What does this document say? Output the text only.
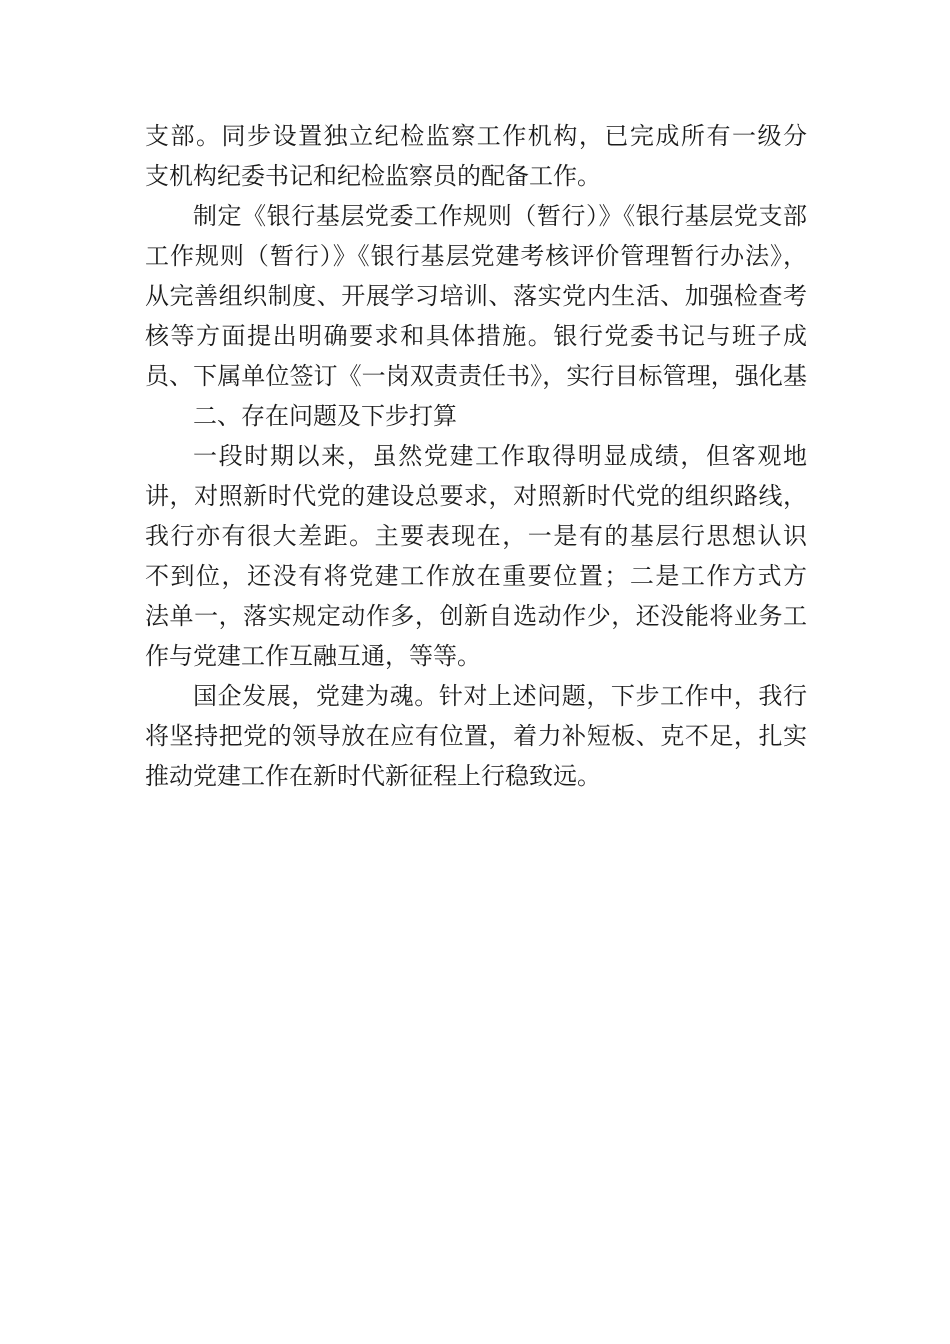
支部。同步设置独立纪检监察工作机构，已完成所有一级分
支机构纪委书记和纪检监察员的配备工作。
制定《银行基层党委工作规则（暂行）》《银行基层党支部
工作规则（暂行）》《银行基层党建考核评价管理暂行办法》，
从完善组织制度、开展学习培训、落实党内生活、加强检查考
核等方面提出明确要求和具体措施。银行党委书记与班子成
员、下属单位签订《一岗双责责任书》，实行目标管理，强化基
二、存在问题及下步打算
一段时期以来，虽然党建工作取得明显成绩，但客观地
讲，对照新时代党的建设总要求，对照新时代党的组织路线，
我行亦有很大差距。主要表现在，一是有的基层行思想认识
不到位，还没有将党建工作放在重要位置；二是工作方式方
法单一，落实规定动作多，创新自选动作少，还没能将业务工
作与党建工作互融互通，等等。
国企发展，党建为魂。针对上述问题，下步工作中，我行
将坚持把党的领导放在应有位置，着力补短板、克不足，扎实
推动党建工作在新时代新征程上行稳致远。
